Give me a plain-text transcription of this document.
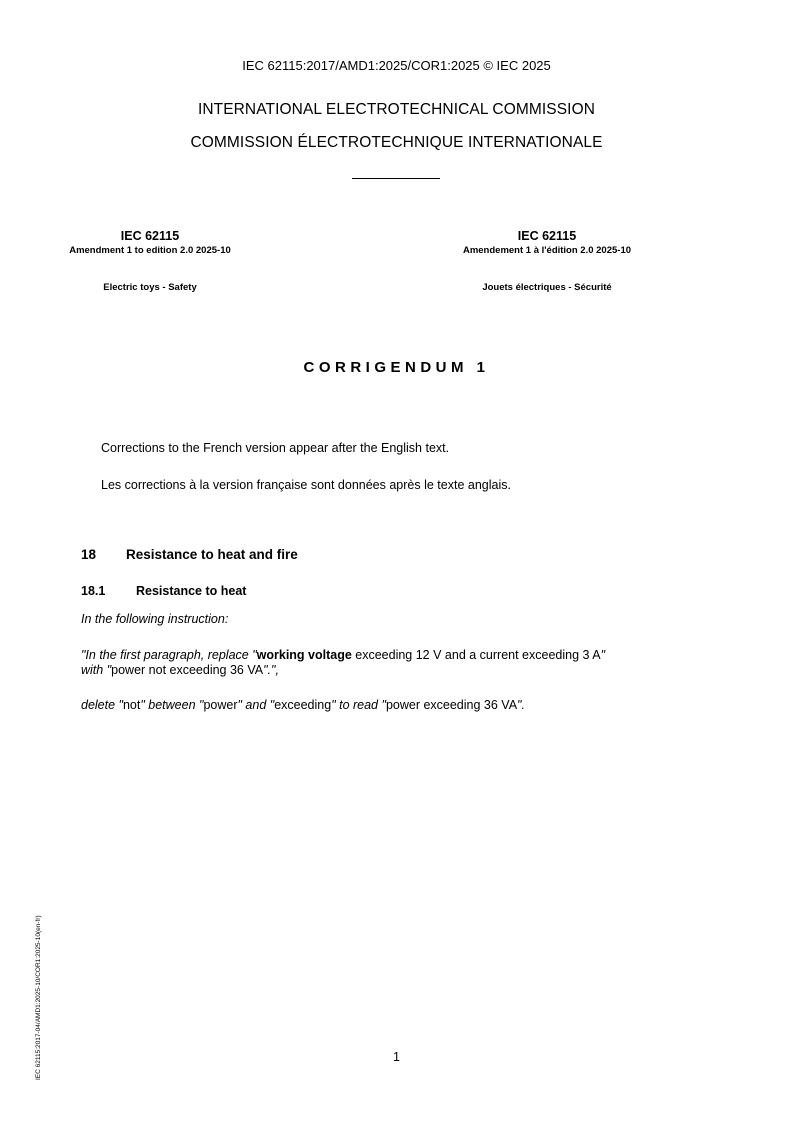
IEC 62115:2017/AMD1:2025/COR1:2025 © IEC 2025
INTERNATIONAL ELECTROTECHNICAL COMMISSION
COMMISSION ÉLECTROTECHNIQUE INTERNATIONALE
IEC 62115
Amendment 1 to edition 2.0 2025-10
Electric toys - Safety
IEC 62115
Amendement 1 à l'édition 2.0 2025-10
Jouets électriques - Sécurité
CORRIGENDUM 1
Corrections to the French version appear after the English text.
Les corrections à la version française sont données après le texte anglais.
18 Resistance to heat and fire
18.1 Resistance to heat
In the following instruction:
"In the first paragraph, replace "working voltage exceeding 12 V and a current exceeding 3 A"
with "power not exceeding 36 VA".",
delete "not" between "power" and "exceeding" to read "power exceeding 36 VA".
IEC 62115:2017-04/AMD1:2025-10/COR1:2025-10(en-fr)	1
